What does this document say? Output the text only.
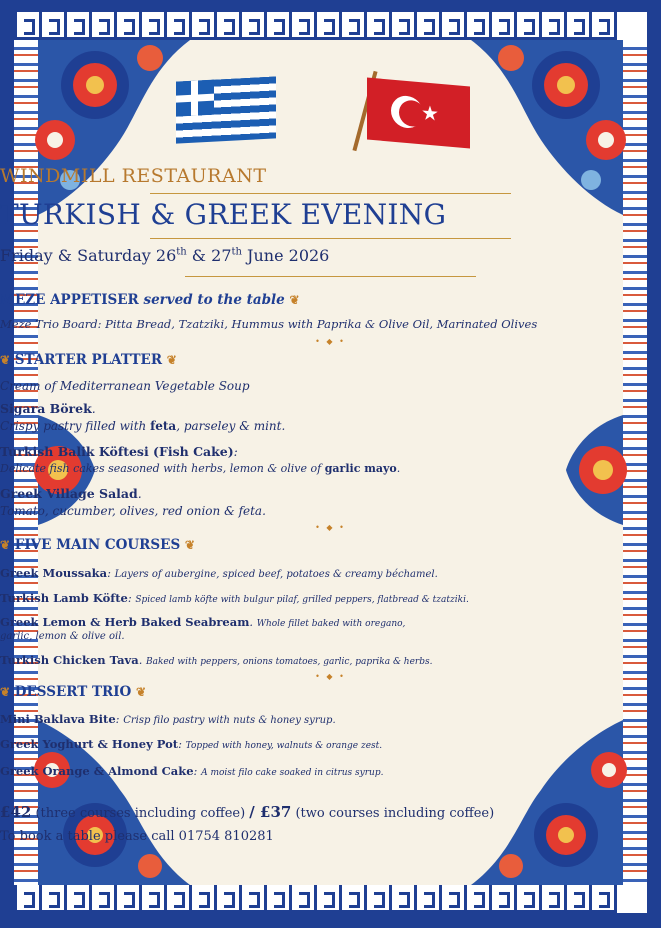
★
WINDMILL RESTAURANT
TURKISH & GREEK EVENING
Friday & Saturday 26th & 27th June 2026
MEZE APPETISER served to the table ❦
Meze Trio Board: Pitta Bread, Tzatziki, Hummus with Paprika & Olive Oil, Marinated Olives
• ◆ •
❦ STARTER PLATTER ❦
Cream of Mediterranean Vegetable Soup
Sigara Börek.
Crispy pastry filled with feta, parseley & mint.
Turkish Balik Köftesi (Fish Cake):
Delicate fish cakes seasoned with herbs, lemon & olive of garlic mayo.
Greek Village Salad.
Tomato, cucumber, olives, red onion & feta.
• ◆ •
❦ FIVE MAIN COURSES ❦
Greek Moussaka: Layers of aubergine, spiced beef, potatoes & creamy béchamel.
Turkish Lamb Köfte: Spiced lamb köfte with bulgur pilaf, grilled peppers, flatbread & tzatziki.
Greek Lemon & Herb Baked Seabream. Whole fillet baked with oregano,
garlic, lemon & olive oil.
Turkish Chicken Tava. Baked with peppers, onions tomatoes, garlic, paprika & herbs.
• ◆ •
❦ DESSERT TRIO ❦
Mini Baklava Bite: Crisp filo pastry with nuts & honey syrup.
Greek Yoghurt & Honey Pot: Topped with honey, walnuts & orange zest.
Greek Orange & Almond Cake: A moist filo cake soaked in citrus syrup.
£42 (three courses including coffee) / £37 (two courses including coffee)
To book a table please call 01754 810281
